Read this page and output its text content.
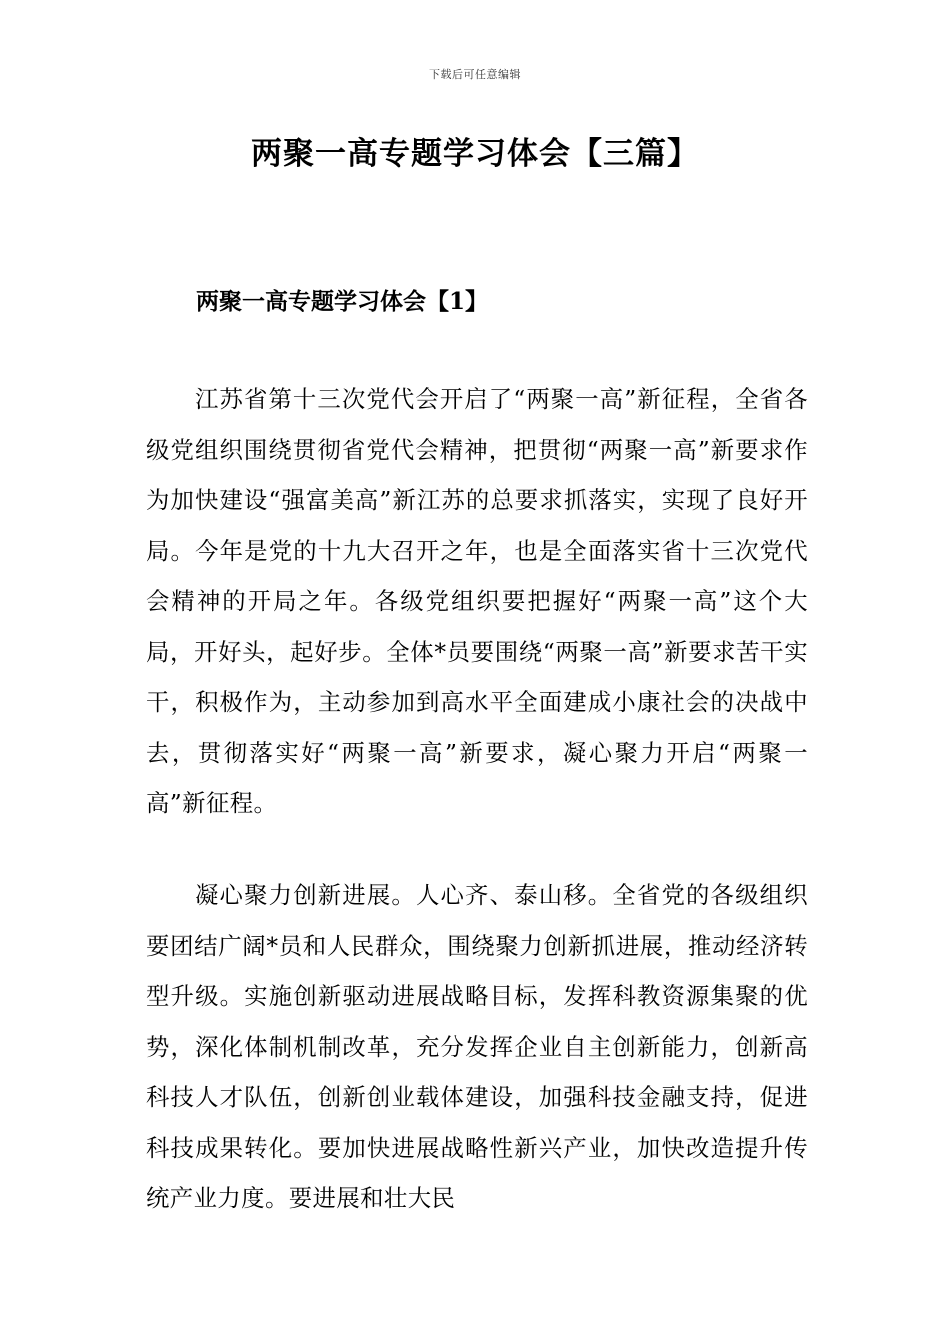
下载后可任意编辑
两聚一高专题学习体会【三篇】
两聚一高专题学习体会【1】

江苏省第十三次党代会开启了“两聚一高”新征程，全省各级党组织围绕贯彻省党代会精神，把贯彻“两聚一高”新要求作为加快建设“强富美高”新江苏的总要求抓落实，实现了良好开局。今年是党的十九大召开之年，也是全面落实省十三次党代会精神的开局之年。各级党组织要把握好“两聚一高”这个大局，开好头，起好步。全体*员要围绕“两聚一高”新要求苦干实干，积极作为，主动参加到高水平全面建成小康社会的决战中去，贯彻落实好“两聚一高”新要求，凝心聚力开启“两聚一高”新征程。

凝心聚力创新进展。人心齐、泰山移。全省党的各级组织要团结广阔*员和人民群众，围绕聚力创新抓进展，推动经济转型升级。实施创新驱动进展战略目标，发挥科教资源集聚的优势，深化体制机制改革，充分发挥企业自主创新能力，创新高科技人才队伍，创新创业载体建设，加强科技金融支持，促进科技成果转化。要加快进展战略性新兴产业，加快改造提升传统产业力度。要进展和壮大民
